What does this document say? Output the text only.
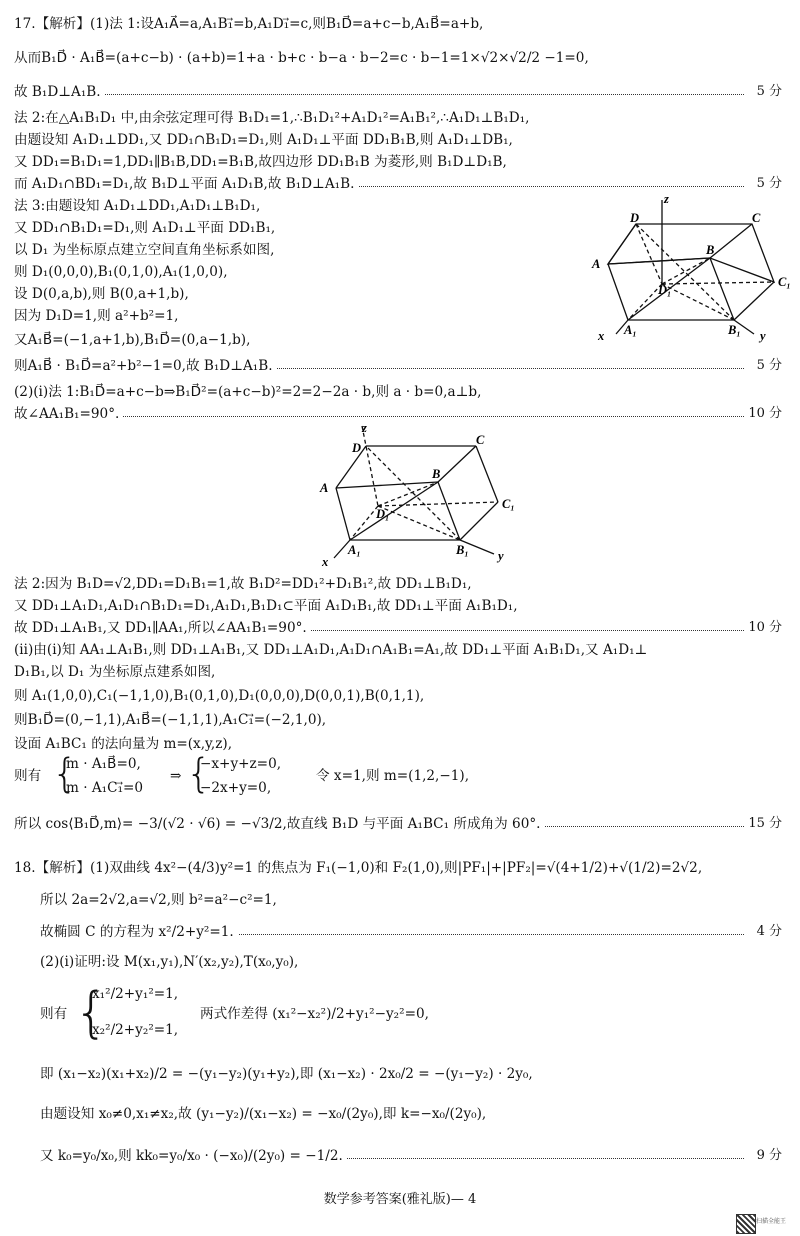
17.【解析】(1)法 1:设A₁A⃗=a,A₁B₁⃗=b,A₁D₁⃗=c,则B₁D⃗=a+c−b,A₁B⃗=a+b,
从而B₁D⃗ · A₁B⃗=(a+c−b) · (a+b)=1+a · b+c · b−a · b−2=c · b−1=1×√2×√2/2 −1=0,
故 B₁D⊥A₁B.	5 分
法 2:在△A₁B₁D₁ 中,由余弦定理可得 B₁D₁=1,∴B₁D₁²+A₁D₁²=A₁B₁²,∴A₁D₁⊥B₁D₁,
由题设知 A₁D₁⊥DD₁,又 DD₁∩B₁D₁=D₁,则 A₁D₁⊥平面 DD₁B₁B,则 A₁D₁⊥DB₁,
又 DD₁=B₁D₁=1,DD₁∥B₁B,DD₁=B₁B,故四边形 DD₁B₁B 为菱形,则 B₁D⊥D₁B,
而 A₁D₁∩BD₁=D₁,故 B₁D⊥平面 A₁D₁B,故 B₁D⊥A₁B.	5 分
法 3:由题设知 A₁D₁⊥DD₁,A₁D₁⊥B₁D₁,
又 DD₁∩B₁D₁=D₁,则 A₁D₁⊥平面 DD₁B₁,
以 D₁ 为坐标原点建立空间直角坐标系如图,
则 D₁(0,0,0),B₁(0,1,0),A₁(1,0,0),
设 D(0,a,b),则 B(0,a+1,b),
因为 D₁D=1,则 a²+b²=1,
又A₁B⃗=(−1,a+1,b),B₁D⃗=(0,a−1,b),
则A₁B⃗ · B₁D⃗=a²+b²−1=0,故 B₁D⊥A₁B.	5 分
(2)(ⅰ)法 1:B₁D⃗=a+c−b⇒B₁D⃗²=(a+c−b)²=2=2−2a · b,则 a · b=0,a⊥b,
故∠AA₁B₁=90°.	10 分
z
D	C
A
B
D₁
C₁
A₁	B₁
x	y
z
D
C
A
B
D₁
C₁
A₁	B₁
x	y
法 2:因为 B₁D=√2,DD₁=D₁B₁=1,故 B₁D²=DD₁²+D₁B₁²,故 DD₁⊥B₁D₁,
又 DD₁⊥A₁D₁,A₁D₁∩B₁D₁=D₁,A₁D₁,B₁D₁⊂平面 A₁D₁B₁,故 DD₁⊥平面 A₁B₁D₁,
故 DD₁⊥A₁B₁,又 DD₁∥AA₁,所以∠AA₁B₁=90°.	10 分
(ⅱ)由(ⅰ)知 AA₁⊥A₁B₁,则 DD₁⊥A₁B₁,又 DD₁⊥A₁D₁,A₁D₁∩A₁B₁=A₁,故 DD₁⊥平面 A₁B₁D₁,又 A₁D₁⊥
D₁B₁,以 D₁ 为坐标原点建系如图,
则 A₁(1,0,0),C₁(−1,1,0),B₁(0,1,0),D₁(0,0,0),D(0,0,1),B(0,1,1),
则B₁D⃗=(0,−1,1),A₁B⃗=(−1,1,1),A₁C₁⃗=(−2,1,0),
设面 A₁BC₁ 的法向量为 m=(x,y,z),
则有 {
m · A₁B⃗=0,
m · A₁C₁⃗=0
⇒ {
−x+y+z=0,
−2x+y=0,
令 x=1,则 m=(1,2,−1),
所以 cos⟨B₁D⃗,m⟩= −3/(√2 · √6) = −√3/2,故直线 B₁D 与平面 A₁BC₁ 所成角为 60°.	15 分
18.【解析】(1)双曲线 4x²−(4/3)y²=1 的焦点为 F₁(−1,0)和 F₂(1,0),则|PF₁|+|PF₂|=√(4+1/2)+√(1/2)=2√2,
所以 2a=2√2,a=√2,则 b²=a²−c²=1,
故椭圆 C 的方程为 x²/2+y²=1.	4 分
(2)(ⅰ)证明:设 M(x₁,y₁),N′(x₂,y₂),T(x₀,y₀),
则有 {
x₁²/2+y₁²=1,
x₂²/2+y₂²=1,
两式作差得 (x₁²−x₂²)/2+y₁²−y₂²=0,
即 (x₁−x₂)(x₁+x₂)/2 = −(y₁−y₂)(y₁+y₂),即 (x₁−x₂) · 2x₀/2 = −(y₁−y₂) · 2y₀,
由题设知 x₀≠0,x₁≠x₂,故 (y₁−y₂)/(x₁−x₂) = −x₀/(2y₀),即 k=−x₀/(2y₀),
又 k₀=y₀/x₀,则 kk₀=y₀/x₀ · (−x₀)/(2y₀) = −1/2.	9 分
数学参考答案(雅礼版)— 4
扫描全能王
